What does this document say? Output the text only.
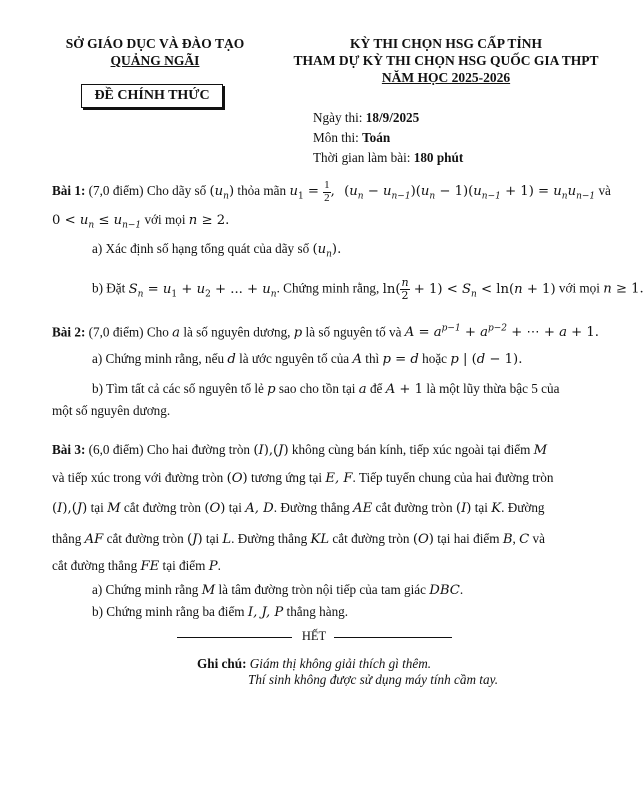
SỞ GIÁO DỤC VÀ ĐÀO TẠO
QUẢNG NGÃI
ĐỀ CHÍNH THỨC
KỲ THI CHỌN HSG CẤP TỈNH
THAM DỰ KỲ THI CHỌN HSG QUỐC GIA THPT
NĂM HỌC 2025-2026
Ngày thi: 18/9/2025
Môn thi: Toán
Thời gian làm bài: 180 phút
Bài 1: (7,0 điểm) Cho dãy số $(u_n)$ thỏa mãn $u_1 = \frac{1}{2}$ , $(u_n - u_{n-1})(u_n - 1)(u_{n-1} + 1) = u_nu_{n-1}$ và
$0 < u_n \le u_{n-1}$ với mọi n ≥ 2.
a) Xác định số hạng tổng quát của dãy số $(u_n)$.
b) Đặt $S_n = u_1 + u_2$ + ... + $u_n$. Chứng minh rằng, $\ln( \frac{n}{2} + 1) < S_n < \ln(n + 1)$ với mọi n ≥ 1.
Bài 2: (7,0 điểm) Cho a là số nguyên dương, p là số nguyên tố và $A = a^{p-1} + a^{p-2}$ + ⋯ + a + 1.
a) Chứng minh rằng, nếu d là ước nguyên tố của A thì p = d hoặc p | (d − 1).
b) Tìm tất cả các số nguyên tố lẻ p sao cho tồn tại a để A + 1 là một lũy thừa bậc 5 của
một số nguyên dương.
Bài 3: (6,0 điểm) Cho hai đường tròn (I),(J) không cùng bán kính, tiếp xúc ngoài tại điểm M
và tiếp xúc trong với đường tròn (O) tương ứng tại E, F. Tiếp tuyến chung của hai đường tròn
(I),(J) tại M cắt đường tròn (O) tại A, D. Đường thẳng AE cắt đường tròn (I) tại K. Đường
thẳng AF cắt đường tròn (J) tại L. Đường thẳng KL cắt đường tròn (O) tại hai điểm B, C và
cắt đường thẳng FE tại điểm P.
a) Chứng minh rằng M là tâm đường tròn nội tiếp của tam giác DBC.
b) Chứng minh rằng ba điểm I, J, P thẳng hàng.
HẾT
Ghi chú: Giám thị không giải thích gì thêm.
Thí sinh không được sử dụng máy tính cầm tay.
